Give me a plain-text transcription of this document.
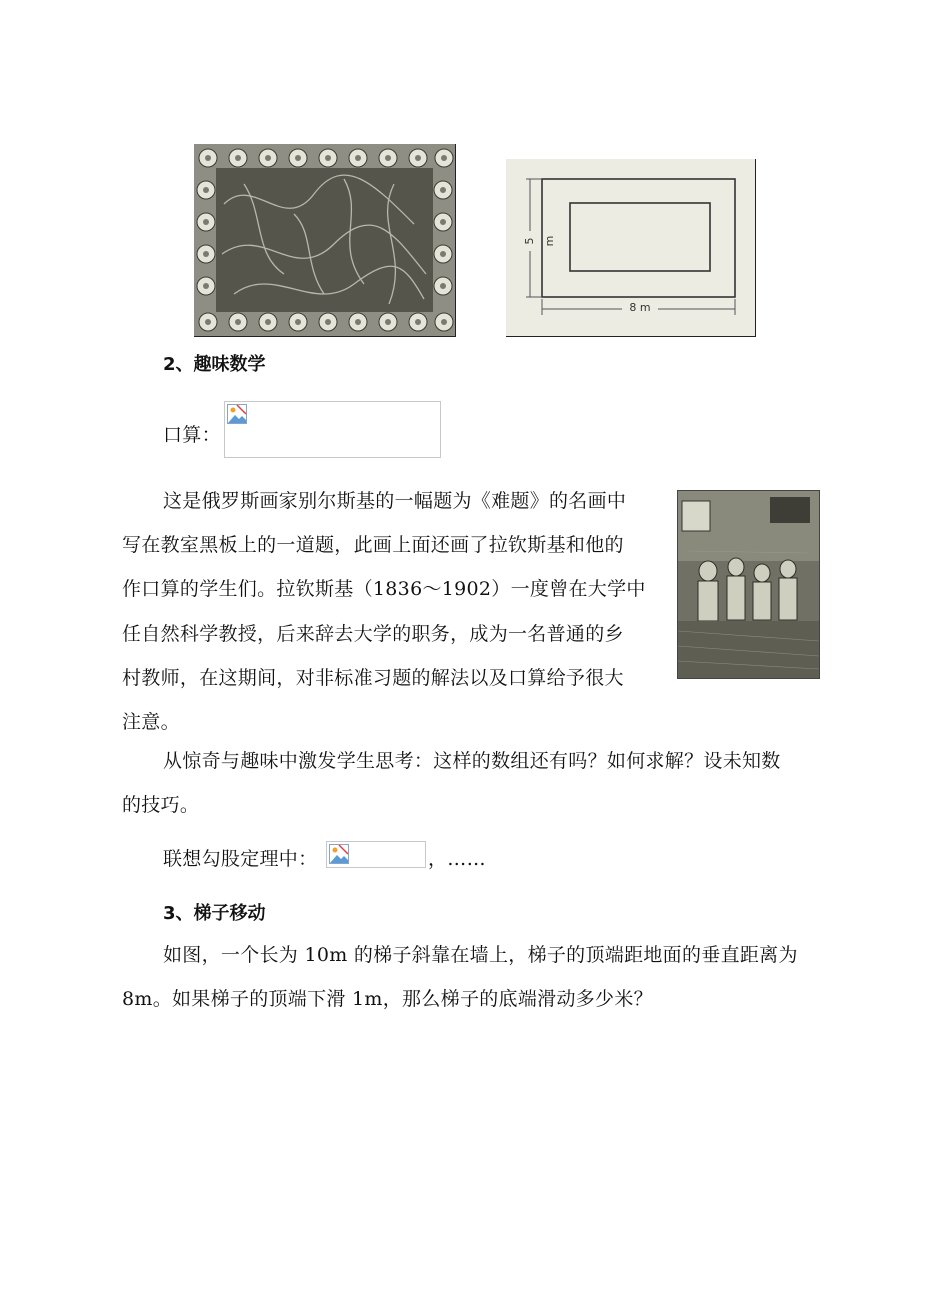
5 m
8 m
2、趣味数学
口算：
这是俄罗斯画家别尔斯基的一幅题为《难题》的名画中
写在教室黑板上的一道题，此画上面还画了拉钦斯基和他的
作口算的学生们。拉钦斯基（1836～1902）一度曾在大学中
任自然科学教授，后来辞去大学的职务，成为一名普通的乡
村教师，在这期间，对非标准习题的解法以及口算给予很大
注意。
从惊奇与趣味中激发学生思考：这样的数组还有吗？如何求解？设未知数
的技巧。
联想勾股定理中：	，……
3、梯子移动
如图，一个长为 10m 的梯子斜靠在墙上，梯子的顶端距地面的垂直距离为
8m。如果梯子的顶端下滑 1m，那么梯子的底端滑动多少米？
